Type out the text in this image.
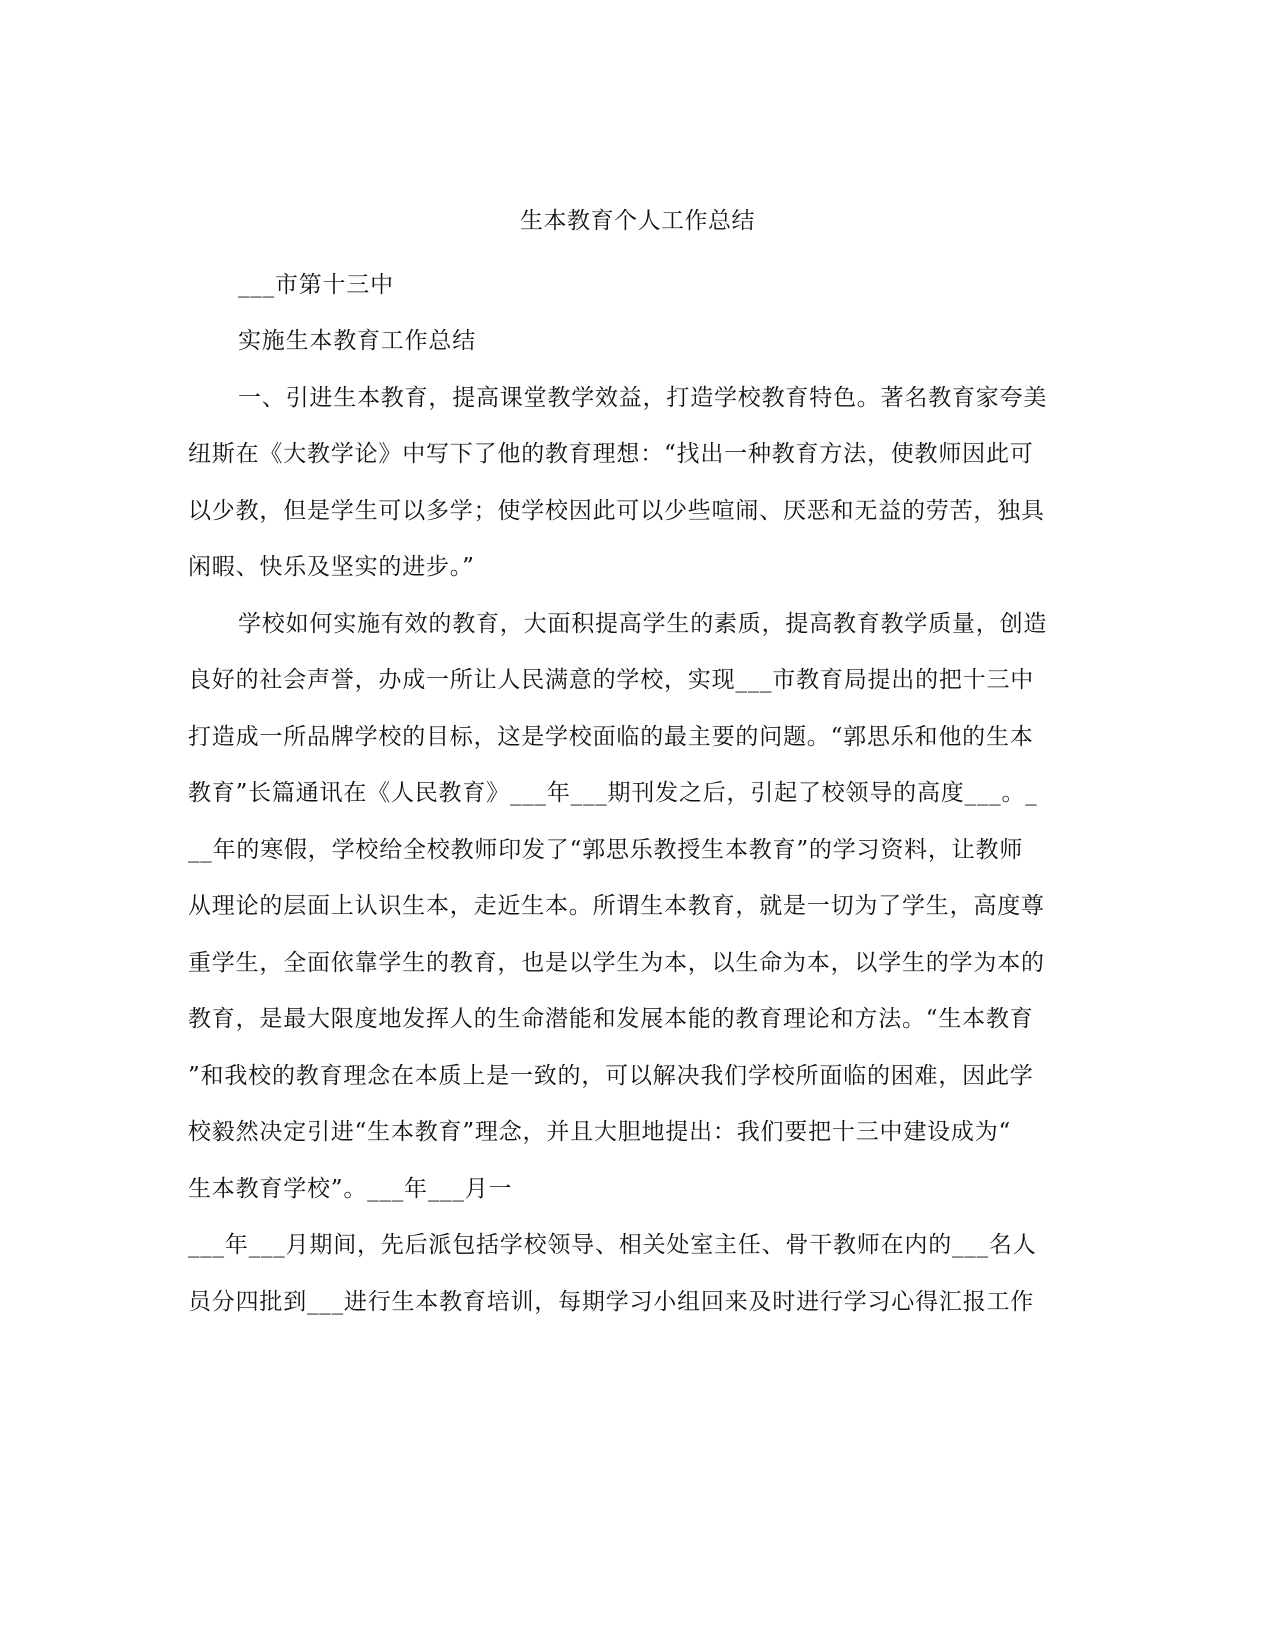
生本教育个人工作总结
___市第十三中
实施生本教育工作总结
一、引进生本教育，提高课堂教学效益，打造学校教育特色。著名教育家夸美
纽斯在《大教学论》中写下了他的教育理想：“找出一种教育方法，使教师因此可
以少教，但是学生可以多学；使学校因此可以少些喧闹、厌恶和无益的劳苦，独具
闲暇、快乐及坚实的进步。”
学校如何实施有效的教育，大面积提高学生的素质，提高教育教学质量，创造
良好的社会声誉，办成一所让人民满意的学校，实现___市教育局提出的把十三中
打造成一所品牌学校的目标，这是学校面临的最主要的问题。“郭思乐和他的生本
教育”长篇通讯在《人民教育》___年___期刊发之后，引起了校领导的高度___。_
__年的寒假，学校给全校教师印发了“郭思乐教授生本教育”的学习资料，让教师
从理论的层面上认识生本，走近生本。所谓生本教育，就是一切为了学生，高度尊
重学生，全面依靠学生的教育，也是以学生为本，以生命为本，以学生的学为本的
教育，是最大限度地发挥人的生命潜能和发展本能的教育理论和方法。“生本教育
”和我校的教育理念在本质上是一致的，可以解决我们学校所面临的困难，因此学
校毅然决定引进“生本教育”理念，并且大胆地提出：我们要把十三中建设成为“
生本教育学校”。___年___月一
___年___月期间，先后派包括学校领导、相关处室主任、骨干教师在内的___名人
员分四批到___进行生本教育培训，每期学习小组回来及时进行学习心得汇报工作
